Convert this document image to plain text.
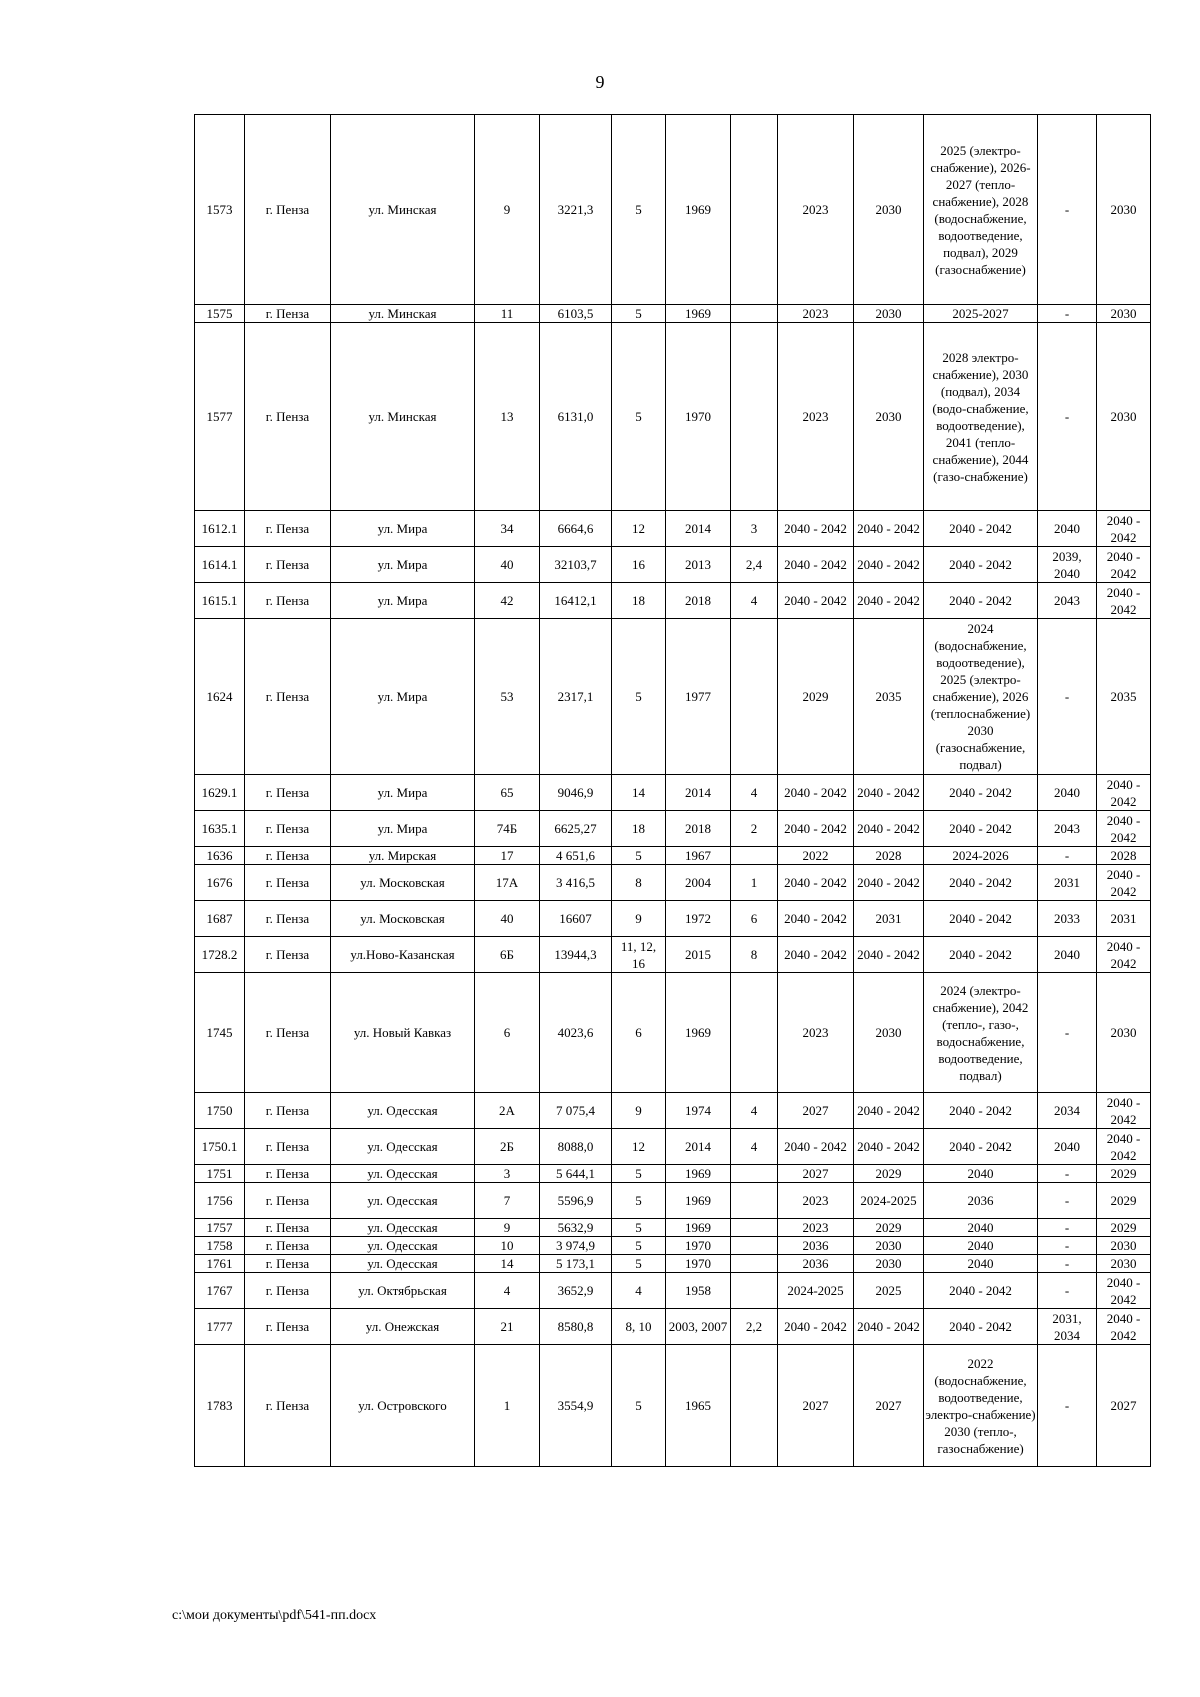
9
1573	г. Пенза	ул. Минская	9	3221,3	5	1969		2023	2030	2025 (электро-снабжение), 2026-2027 (тепло-снабжение), 2028 (водоснабжение, водоотведение, подвал), 2029 (газоснабжение)	-	2030
1575	г. Пенза	ул. Минская	11	6103,5	5	1969		2023	2030	2025-2027	-	2030
1577	г. Пенза	ул. Минская	13	6131,0	5	1970		2023	2030	2028 электро-снабжение), 2030 (подвал), 2034 (водо-снабжение, водоотведение), 2041 (тепло-снабжение), 2044 (газо-снабжение)	-	2030
1612.1	г. Пенза	ул. Мира	34	6664,6	12	2014	3	2040 - 2042	2040 - 2042	2040 - 2042	2040	2040 - 2042
1614.1	г. Пенза	ул. Мира	40	32103,7	16	2013	2,4	2040 - 2042	2040 - 2042	2040 - 2042	2039, 2040	2040 - 2042
1615.1	г. Пенза	ул. Мира	42	16412,1	18	2018	4	2040 - 2042	2040 - 2042	2040 - 2042	2043	2040 - 2042
1624	г. Пенза	ул. Мира	53	2317,1	5	1977		2029	2035	2024 (водоснабжение, водоотведение), 2025 (электро-снабжение), 2026 (теплоснабжение) 2030 (газоснабжение, подвал)	-	2035
1629.1	г. Пенза	ул. Мира	65	9046,9	14	2014	4	2040 - 2042	2040 - 2042	2040 - 2042	2040	2040 - 2042
1635.1	г. Пенза	ул. Мира	74Б	6625,27	18	2018	2	2040 - 2042	2040 - 2042	2040 - 2042	2043	2040 - 2042
1636	г. Пенза	ул. Мирская	17	4 651,6	5	1967		2022	2028	2024-2026	-	2028
1676	г. Пенза	ул. Московская	17А	3 416,5	8	2004	1	2040 - 2042	2040 - 2042	2040 - 2042	2031	2040 - 2042
1687	г. Пенза	ул. Московская	40	16607	9	1972	6	2040 - 2042	2031	2040 - 2042	2033	2031
1728.2	г. Пенза	ул.Ново-Казанская	6Б	13944,3	11, 12, 16	2015	8	2040 - 2042	2040 - 2042	2040 - 2042	2040	2040 - 2042
1745	г. Пенза	ул. Новый Кавказ	6	4023,6	6	1969		2023	2030	2024 (электро-снабжение), 2042 (тепло-, газо-, водоснабжение, водоотведение, подвал)	-	2030
1750	г. Пенза	ул. Одесская	2А	7 075,4	9	1974	4	2027	2040 - 2042	2040 - 2042	2034	2040 - 2042
1750.1	г. Пенза	ул. Одесская	2Б	8088,0	12	2014	4	2040 - 2042	2040 - 2042	2040 - 2042	2040	2040 - 2042
1751	г. Пенза	ул. Одесская	3	5 644,1	5	1969		2027	2029	2040	-	2029
1756	г. Пенза	ул. Одесская	7	5596,9	5	1969		2023	2024-2025	2036	-	2029
1757	г. Пенза	ул. Одесская	9	5632,9	5	1969		2023	2029	2040	-	2029
1758	г. Пенза	ул. Одесская	10	3 974,9	5	1970		2036	2030	2040	-	2030
1761	г. Пенза	ул. Одесская	14	5 173,1	5	1970		2036	2030	2040	-	2030
1767	г. Пенза	ул. Октябрьская	4	3652,9	4	1958		2024-2025	2025	2040 - 2042	-	2040 - 2042
1777	г. Пенза	ул. Онежская	21	8580,8	8, 10	2003, 2007	2,2	2040 - 2042	2040 - 2042	2040 - 2042	2031, 2034	2040 - 2042
1783	г. Пенза	ул. Островского	1	3554,9	5	1965		2027	2027	2022 (водоснабжение, водоотведение, электро-снабжение) 2030 (тепло-, газоснабжение)	-	2027
c:\мои документы\pdf\541-пп.docx
